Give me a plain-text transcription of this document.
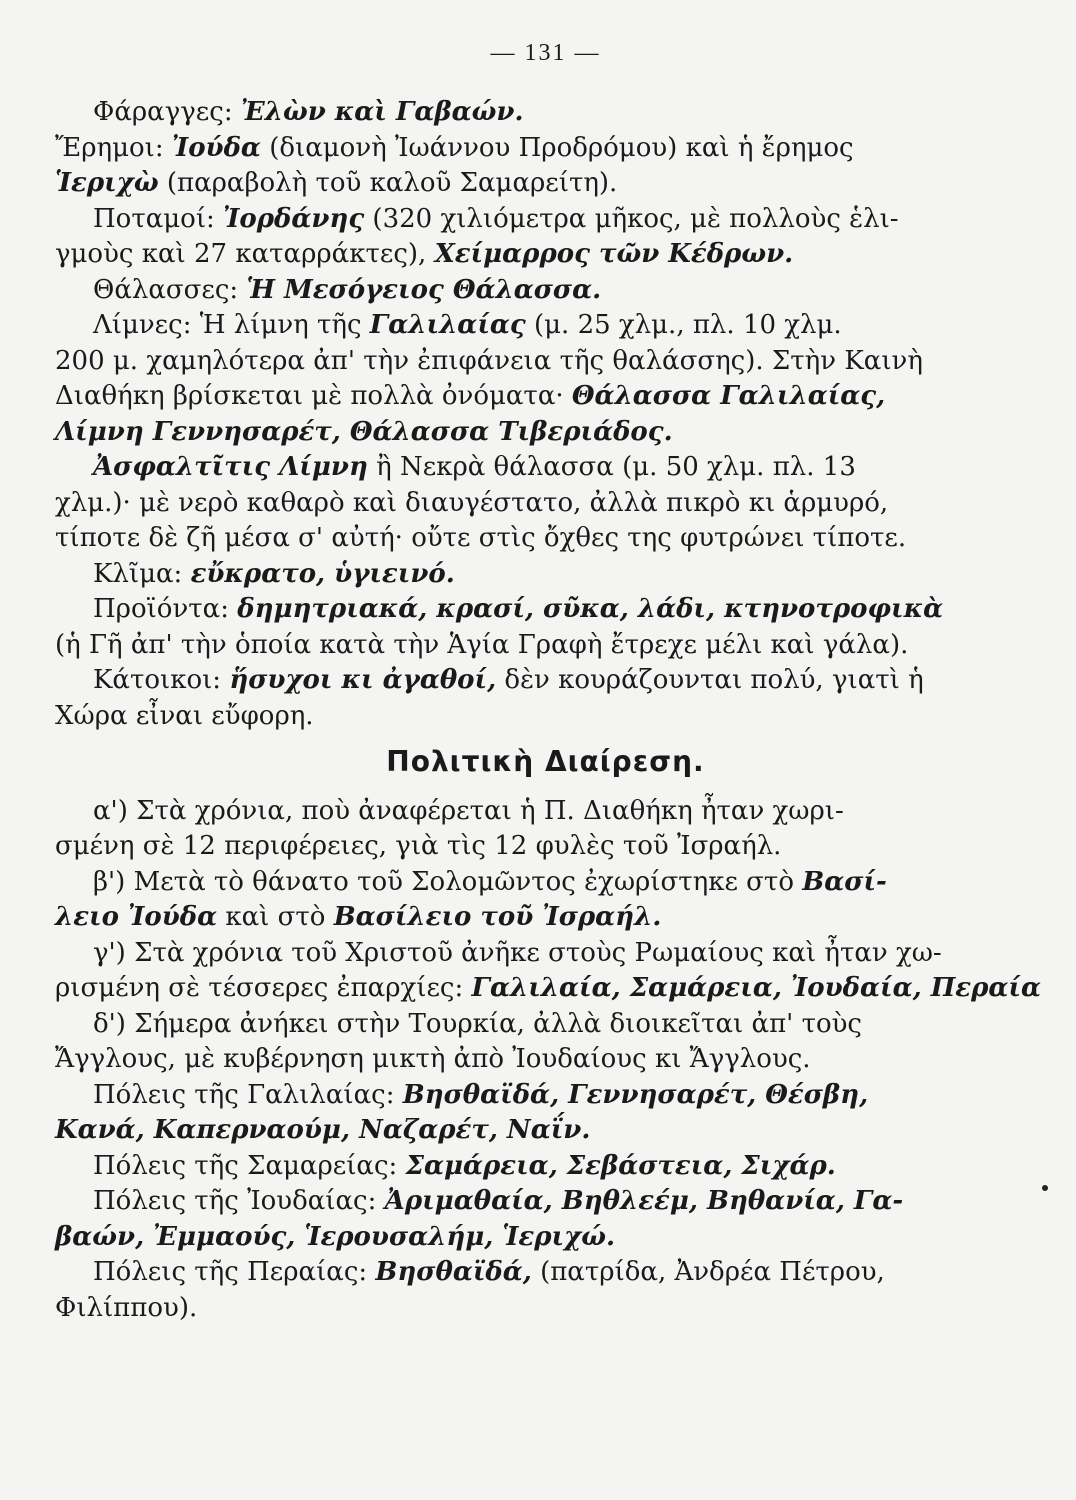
— 131 —
Φάραγγες: Ἐλὼν καὶ Γαβαών.
Ἔρημοι: Ἰούδα (διαμονὴ Ἰωάννου Προδρόμου) καὶ ἡ ἔρημος
Ἱεριχὼ (παραβολὴ τοῦ καλοῦ Σαμαρείτη).
Ποταμοί: Ἰορδάνης (320 χιλιόμετρα μῆκος, μὲ πολλοὺς ἑλι-
γμοὺς καὶ 27 καταρράκτες), Χείμαρρος τῶν Κέδρων.
Θάλασσες: Ἡ Μεσόγειος Θάλασσα.
Λίμνες: Ἡ λίμνη τῆς Γαλιλαίας (μ. 25 χλμ., πλ. 10 χλμ.
200 μ. χαμηλότερα ἀπ' τὴν ἐπιφάνεια τῆς θαλάσσης). Στὴν Καινὴ
Διαθήκη βρίσκεται μὲ πολλὰ ὀνόματα· Θάλασσα Γαλιλαίας,
Λίμνη Γεννησαρέτ, Θάλασσα Τιβεριάδος.
Ἀσφαλτῖτις Λίμνη ἢ Νεκρὰ θάλασσα (μ. 50 χλμ. πλ. 13
χλμ.)· μὲ νερὸ καθαρὸ καὶ διαυγέστατο, ἀλλὰ πικρὸ κι ἁρμυρό,
τίποτε δὲ ζῆ μέσα σ' αὐτή· οὔτε στὶς ὄχθες της φυτρώνει τίποτε.
Κλῖμα: εὔκρατο, ὑγιεινό.
Προϊόντα: δημητριακά, κρασί, σῦκα, λάδι, κτηνοτροφικὰ
(ἡ Γῆ ἀπ' τὴν ὁποία κατὰ τὴν Ἁγία Γραφὴ ἔτρεχε μέλι καὶ γάλα).
Κάτοικοι: ἥσυχοι κι ἀγαθοί, δὲν κουράζουνται πολύ, γιατὶ ἡ
Χώρα εἶναι εὔφορη.
Πολιτικὴ Διαίρεση.
α') Στὰ χρόνια, ποὺ ἀναφέρεται ἡ Π. Διαθήκη ἦταν χωρι-
σμένη σὲ 12 περιφέρειες, γιὰ τὶς 12 φυλὲς τοῦ Ἰσραήλ.
β') Μετὰ τὸ θάνατο τοῦ Σολομῶντος ἐχωρίστηκε στὸ Βασί-
λειο Ἰούδα καὶ στὸ Βασίλειο τοῦ Ἰσραήλ.
γ') Στὰ χρόνια τοῦ Χριστοῦ ἀνῆκε στοὺς Ρωμαίους καὶ ἦταν χω-
ρισμένη σὲ τέσσερες ἐπαρχίες: Γαλιλαία, Σαμάρεια, Ἰουδαία, Περαία
δ') Σήμερα ἀνήκει στὴν Τουρκία, ἀλλὰ διοικεῖται ἀπ' τοὺς
Ἄγγλους, μὲ κυβέρνηση μικτὴ ἀπὸ Ἰουδαίους κι Ἄγγλους.
Πόλεις τῆς Γαλιλαίας: Βησθαϊδά, Γεννησαρέτ, Θέσβη,
Κανά, Καπερναούμ, Ναζαρέτ, Ναΐν.
Πόλεις τῆς Σαμαρείας: Σαμάρεια, Σεβάστεια, Σιχάρ.
Πόλεις τῆς Ἰουδαίας: Ἀριμαθαία, Βηθλεέμ, Βηθανία, Γα-
βαών, Ἐμμαούς, Ἱερουσαλήμ, Ἱεριχώ.
Πόλεις τῆς Περαίας: Βησθαϊδά, (πατρίδα, Ἀνδρέα Πέτρου,
Φιλίππου).
